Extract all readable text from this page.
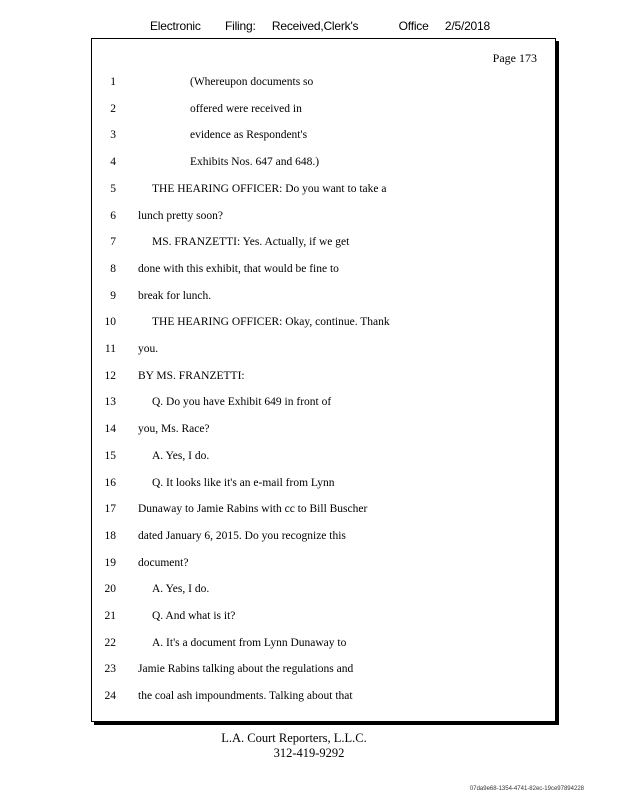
Electronic Filing: Received,Clerk's	Office 2/5/2018
Page 173
1	(Whereupon documents so
2	offered were received in
3	evidence as Respondent's
4	Exhibits Nos. 647 and 648.)
5	THE HEARING OFFICER: Do you want to take a
6 lunch pretty soon?
7	MS. FRANZETTI: Yes. Actually, if we get
8 done with this exhibit, that would be fine to
9 break for lunch.
10	THE HEARING OFFICER: Okay, continue. Thank
11 you.
12 BY MS. FRANZETTI:
13	Q. Do you have Exhibit 649 in front of
14 you, Ms. Race?
15	A. Yes, I do.
16	Q. It looks like it's an e-mail from Lynn
17 Dunaway to Jamie Rabins with cc to Bill Buscher
18 dated January 6, 2015. Do you recognize this
19 document?
20	A. Yes, I do.
21	Q. And what is it?
22	A. It's a document from Lynn Dunaway to
23 Jamie Rabins talking about the regulations and
24 the coal ash impoundments. Talking about that
L.A. Court Reporters, L.L.C.
312-419-9292
07da9e68-1354-4741-82ec-19ce97894228
